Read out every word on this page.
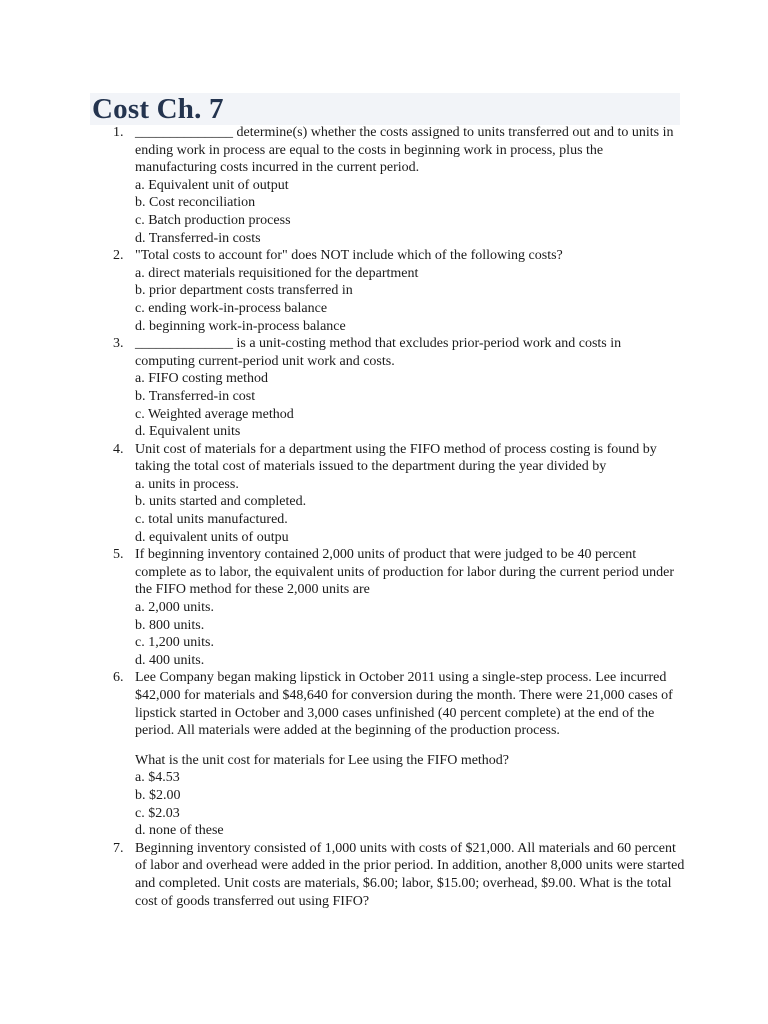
Cost Ch. 7
1. ______________ determine(s) whether the costs assigned to units transferred out and to units in
ending work in process are equal to the costs in beginning work in process, plus the
manufacturing costs incurred in the current period.
a. Equivalent unit of output
b. Cost reconciliation
c. Batch production process
d. Transferred-in costs
2. "Total costs to account for" does NOT include which of the following costs?
a. direct materials requisitioned for the department
b. prior department costs transferred in
c. ending work-in-process balance
d. beginning work-in-process balance
3. ______________ is a unit-costing method that excludes prior-period work and costs in
computing current-period unit work and costs.
a. FIFO costing method
b. Transferred-in cost
c. Weighted average method
d. Equivalent units
4. Unit cost of materials for a department using the FIFO method of process costing is found by
taking the total cost of materials issued to the department during the year divided by
a. units in process.
b. units started and completed.
c. total units manufactured.
d. equivalent units of outpu
5. If beginning inventory contained 2,000 units of product that were judged to be 40 percent
complete as to labor, the equivalent units of production for labor during the current period under
the FIFO method for these 2,000 units are
a. 2,000 units.
b. 800 units.
c. 1,200 units.
d. 400 units.
6. Lee Company began making lipstick in October 2011 using a single-step process. Lee incurred
$42,000 for materials and $48,640 for conversion during the month. There were 21,000 cases of
lipstick started in October and 3,000 cases unfinished (40 percent complete) at the end of the
period. All materials were added at the beginning of the production process.
What is the unit cost for materials for Lee using the FIFO method?
a. $4.53
b. $2.00
c. $2.03
d. none of these
7. Beginning inventory consisted of 1,000 units with costs of $21,000. All materials and 60 percent
of labor and overhead were added in the prior period. In addition, another 8,000 units were started
and completed. Unit costs are materials, $6.00; labor, $15.00; overhead, $9.00. What is the total
cost of goods transferred out using FIFO?
